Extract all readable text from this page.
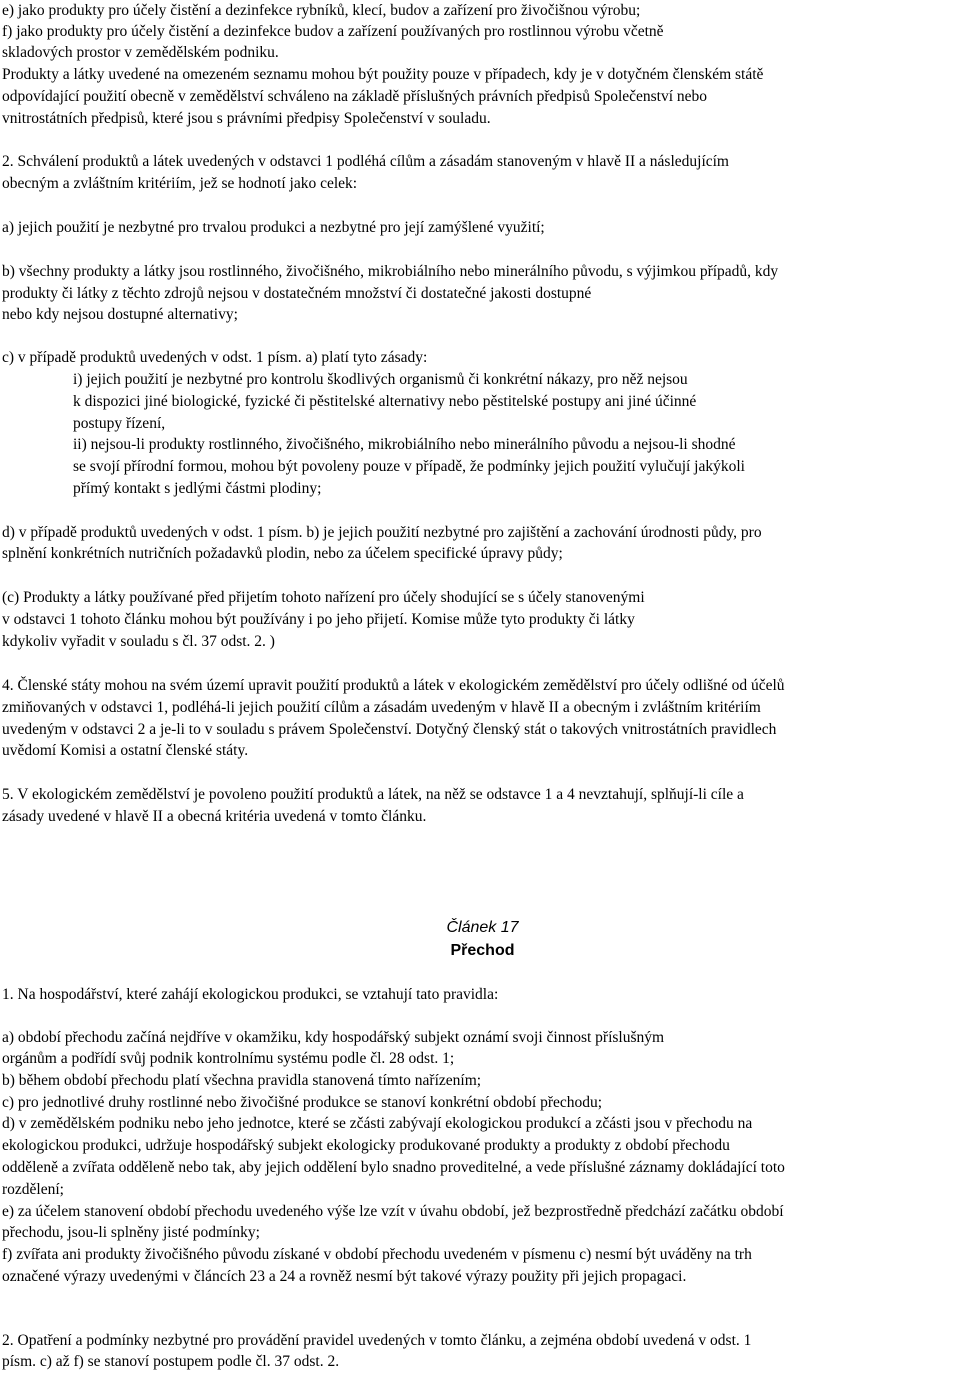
e) jako produkty pro účely čistění a dezinfekce rybníků, klecí, budov a zařízení pro živočišnou výrobu;
f) jako produkty pro účely čistění a dezinfekce budov a zařízení používaných pro rostlinnou výrobu včetně
skladových prostor v zemědělském podniku.
Produkty a látky uvedené na omezeném seznamu mohou být použity pouze v případech, kdy je v dotyčném členském státě
odpovídající použití obecně v zemědělství schváleno na základě příslušných právních předpisů Společenství nebo
vnitrostátních předpisů, které jsou s právními předpisy Společenství v souladu.
2. Schválení produktů a látek uvedených v odstavci 1 podléhá cílům a zásadám stanoveným v hlavě II a následujícím
obecným a zvláštním kritériím, jež se hodnotí jako celek:
a) jejich použití je nezbytné pro trvalou produkci a nezbytné pro její zamýšlené využití;
b) všechny produkty a látky jsou rostlinného, živočišného, mikrobiálního nebo minerálního původu, s výjimkou případů, kdy
produkty či látky z těchto zdrojů nejsou v dostatečném množství či dostatečné jakosti dostupné
nebo kdy nejsou dostupné alternativy;
c) v případě produktů uvedených v odst. 1 písm. a) platí tyto zásady:
i) jejich použití je nezbytné pro kontrolu škodlivých organismů či konkrétní nákazy, pro něž nejsou
k dispozici jiné biologické, fyzické či pěstitelské alternativy nebo pěstitelské postupy ani jiné účinné
postupy řízení,
ii) nejsou-li produkty rostlinného, živočišného, mikrobiálního nebo minerálního původu a nejsou-li shodné
se svojí přírodní formou, mohou být povoleny pouze v případě, že podmínky jejich použití vylučují jakýkoli
přímý kontakt s jedlými částmi plodiny;
d) v případě produktů uvedených v odst. 1 písm. b) je jejich použití nezbytné pro zajištění a zachování úrodnosti půdy, pro
splnění konkrétních nutričních požadavků plodin, nebo za účelem specifické úpravy půdy;
(c) Produkty a látky používané před přijetím tohoto nařízení pro účely shodující se s účely stanovenými
v odstavci 1 tohoto článku mohou být používány i po jeho přijetí. Komise může tyto produkty či látky
kdykoliv vyřadit v souladu s čl. 37 odst. 2. )
4. Členské státy mohou na svém území upravit použití produktů a látek v ekologickém zemědělství pro účely odlišné od účelů
zmiňovaných v odstavci 1, podléhá-li jejich použití cílům a zásadám uvedeným v hlavě II a obecným i zvláštním kritériím
uvedeným v odstavci 2 a je-li to v souladu s právem Společenství. Dotyčný členský stát o takových vnitrostátních pravidlech
uvědomí Komisi a ostatní členské státy.
5. V ekologickém zemědělství je povoleno použití produktů a látek, na něž se odstavce 1 a 4 nevztahují, splňují-li cíle a
zásady uvedené v hlavě II a obecná kritéria uvedená v tomto článku.
Článek 17
Přechod
1. Na hospodářství, které zahájí ekologickou produkci, se vztahují tato pravidla:
a) období přechodu začíná nejdříve v okamžiku, kdy hospodářský subjekt oznámí svoji činnost příslušným
orgánům a podřídí svůj podnik kontrolnímu systému podle čl. 28 odst. 1;
b) během období přechodu platí všechna pravidla stanovená tímto nařízením;
c) pro jednotlivé druhy rostlinné nebo živočišné produkce se stanoví konkrétní období přechodu;
d) v zemědělském podniku nebo jeho jednotce, které se zčásti zabývají ekologickou produkcí a zčásti jsou v přechodu na
ekologickou produkci, udržuje hospodářský subjekt ekologicky produkované produkty a produkty z období přechodu
odděleně a zvířata odděleně nebo tak, aby jejich oddělení bylo snadno proveditelné, a vede příslušné záznamy dokládající toto
rozdělení;
e) za účelem stanovení období přechodu uvedeného výše lze vzít v úvahu období, jež bezprostředně předchází začátku období
přechodu, jsou-li splněny jisté podmínky;
f) zvířata ani produkty živočišného původu získané v období přechodu uvedeném v písmenu c) nesmí být uváděny na trh
označené výrazy uvedenými v článcích 23 a 24 a rovněž nesmí být takové výrazy použity při jejich propagaci.
2. Opatření a podmínky nezbytné pro provádění pravidel uvedených v tomto článku, a zejména období uvedená v odst. 1
písm. c) až f) se stanoví postupem podle čl. 37 odst. 2.
